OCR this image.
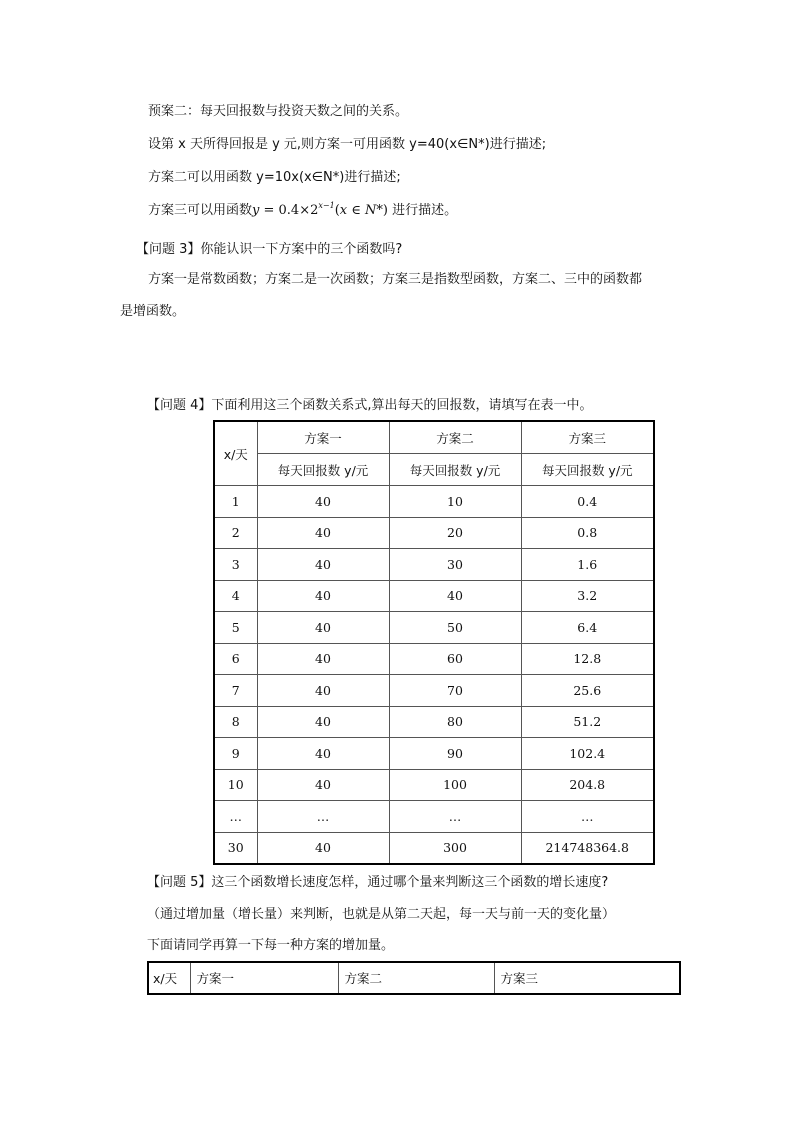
预案二：每天回报数与投资天数之间的关系。
设第 x 天所得回报是 y 元,则方案一可用函数 y=40(x∈N*)进行描述;
方案二可以用函数 y=10x(x∈N*)进行描述;
方案三可以用函数$y = 0.4\times 2^{x-1}(x$ ∈ N*) 进行描述。
【问题 3】你能认识一下方案中的三个函数吗?
方案一是常数函数；方案二是一次函数；方案三是指数型函数，方案二、三中的函数都
是增函数。
【问题 4】下面利用这三个函数关系式,算出每天的回报数，请填写在表一中。
x/天	方案一	方案二	方案三
	每天回报数 y/元	每天回报数 y/元	每天回报数 y/元
1	40	10	0.4
2	40	20	0.8
3	40	30	1.6
4	40	40	3.2
5	40	50	6.4
6	40	60	12.8
7	40	70	25.6
8	40	80	51.2
9	40	90	102.4
10	40	100	204.8
…	…	…	…
30	40	300	214748364.8
【问题 5】这三个函数增长速度怎样，通过哪个量来判断这三个函数的增长速度?
（通过增加量（增长量）来判断，也就是从第二天起，每一天与前一天的变化量）
下面请同学再算一下每一种方案的增加量。
x/天	方案一	方案二	方案三
